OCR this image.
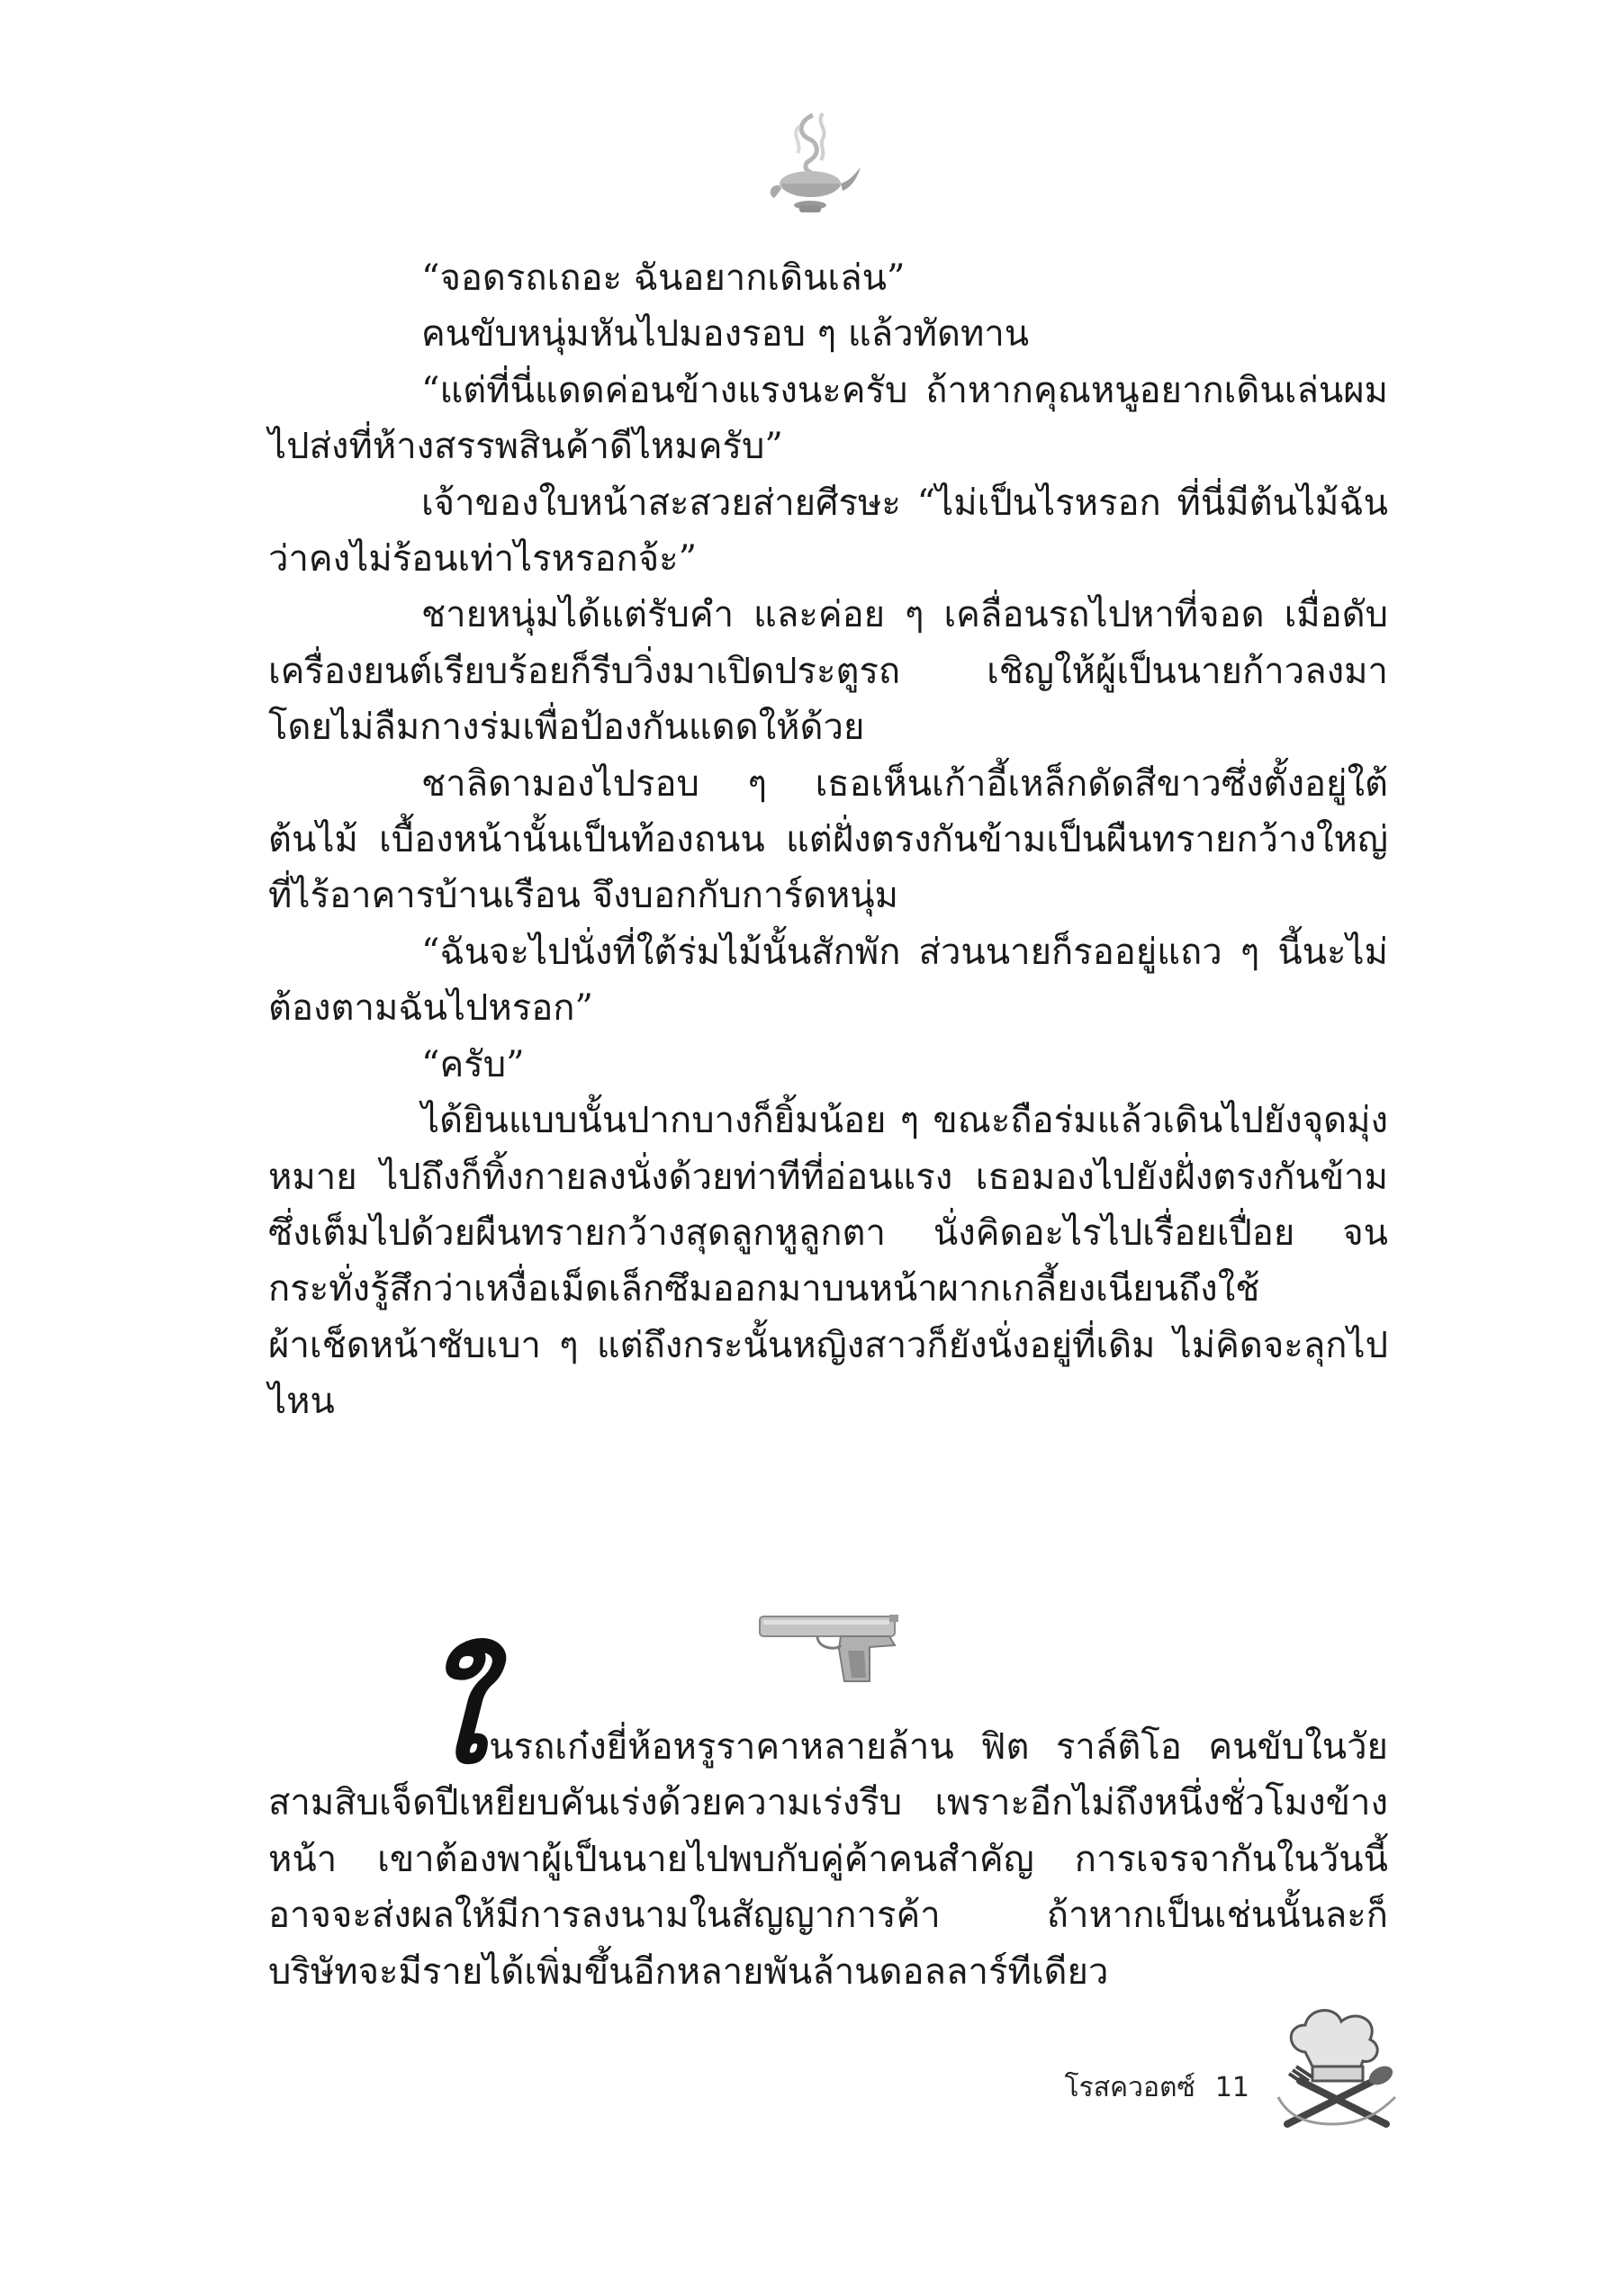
“จอดรถเถอะ ฉันอยากเดินเล่น”

คนขับหนุ่มหันไปมองรอบ ๆ แล้วทัดทาน

“แต่ที่นี่แดดค่อนข้างแรงนะครับ ถ้าหากคุณหนูอยากเดินเล่นผมไปส่งที่ห้างสรรพสินค้าดีไหมครับ”

เจ้าของใบหน้าสะสวยส่ายศีรษะ “ไม่เป็นไรหรอก ที่นี่มีต้นไม้ฉันว่าคงไม่ร้อนเท่าไรหรอกจ้ะ”

ชายหนุ่มได้แต่รับคำ และค่อย ๆ เคลื่อนรถไปหาที่จอด เมื่อดับเครื่องยนต์เรียบร้อยก็รีบวิ่งมาเปิดประตูรถ เชิญให้ผู้เป็นนายก้าวลงมา โดยไม่ลืมกางร่มเพื่อป้องกันแดดให้ด้วย

ชาลิดามองไปรอบ ๆ เธอเห็นเก้าอี้เหล็กดัดสีขาวซึ่งตั้งอยู่ใต้ต้นไม้ เบื้องหน้านั้นเป็นท้องถนน แต่ฝั่งตรงกันข้ามเป็นผืนทรายกว้างใหญ่ที่ไร้อาคารบ้านเรือน จึงบอกกับการ์ดหนุ่ม

“ฉันจะไปนั่งที่ใต้ร่มไม้นั้นสักพัก ส่วนนายก็รออยู่แถว ๆ นี้นะไม่ต้องตามฉันไปหรอก”

“ครับ”

ได้ยินแบบนั้นปากบางก็ยิ้มน้อย ๆ ขณะถือร่มแล้วเดินไปยังจุดมุ่งหมาย ไปถึงก็ทิ้งกายลงนั่งด้วยท่าทีที่อ่อนแรง เธอมองไปยังฝั่งตรงกันข้ามซึ่งเต็มไปด้วยผืนทรายกว้างสุดลูกหูลูกตา นั่งคิดอะไรไปเรื่อยเปื่อย จนกระทั่งรู้สึกว่าเหงื่อเม็ดเล็กซึมออกมาบนหน้าผากเกลี้ยงเนียนถึงใช้ผ้าเช็ดหน้าซับเบา ๆ แต่ถึงกระนั้นหญิงสาวก็ยังนั่งอยู่ที่เดิม ไม่คิดจะลุกไปไหน

ใ นรถเก๋งยี่ห้อหรูราคาหลายล้าน ฟิต ราล์ติโอ คนขับในวัยสามสิบเจ็ดปีเหยียบคันเร่งด้วยความเร่งรีบ เพราะอีกไม่ถึงหนึ่งชั่วโมงข้างหน้า เขาต้องพาผู้เป็นนายไปพบกับคู่ค้าคนสำคัญ การเจรจากันในวันนี้อาจจะส่งผลให้มีการลงนามในสัญญาการค้า ถ้าหากเป็นเช่นนั้นละก็ บริษัทจะมีรายได้เพิ่มขึ้นอีกหลายพันล้านดอลลาร์ทีเดียว

โรสควอตซ์ 11
